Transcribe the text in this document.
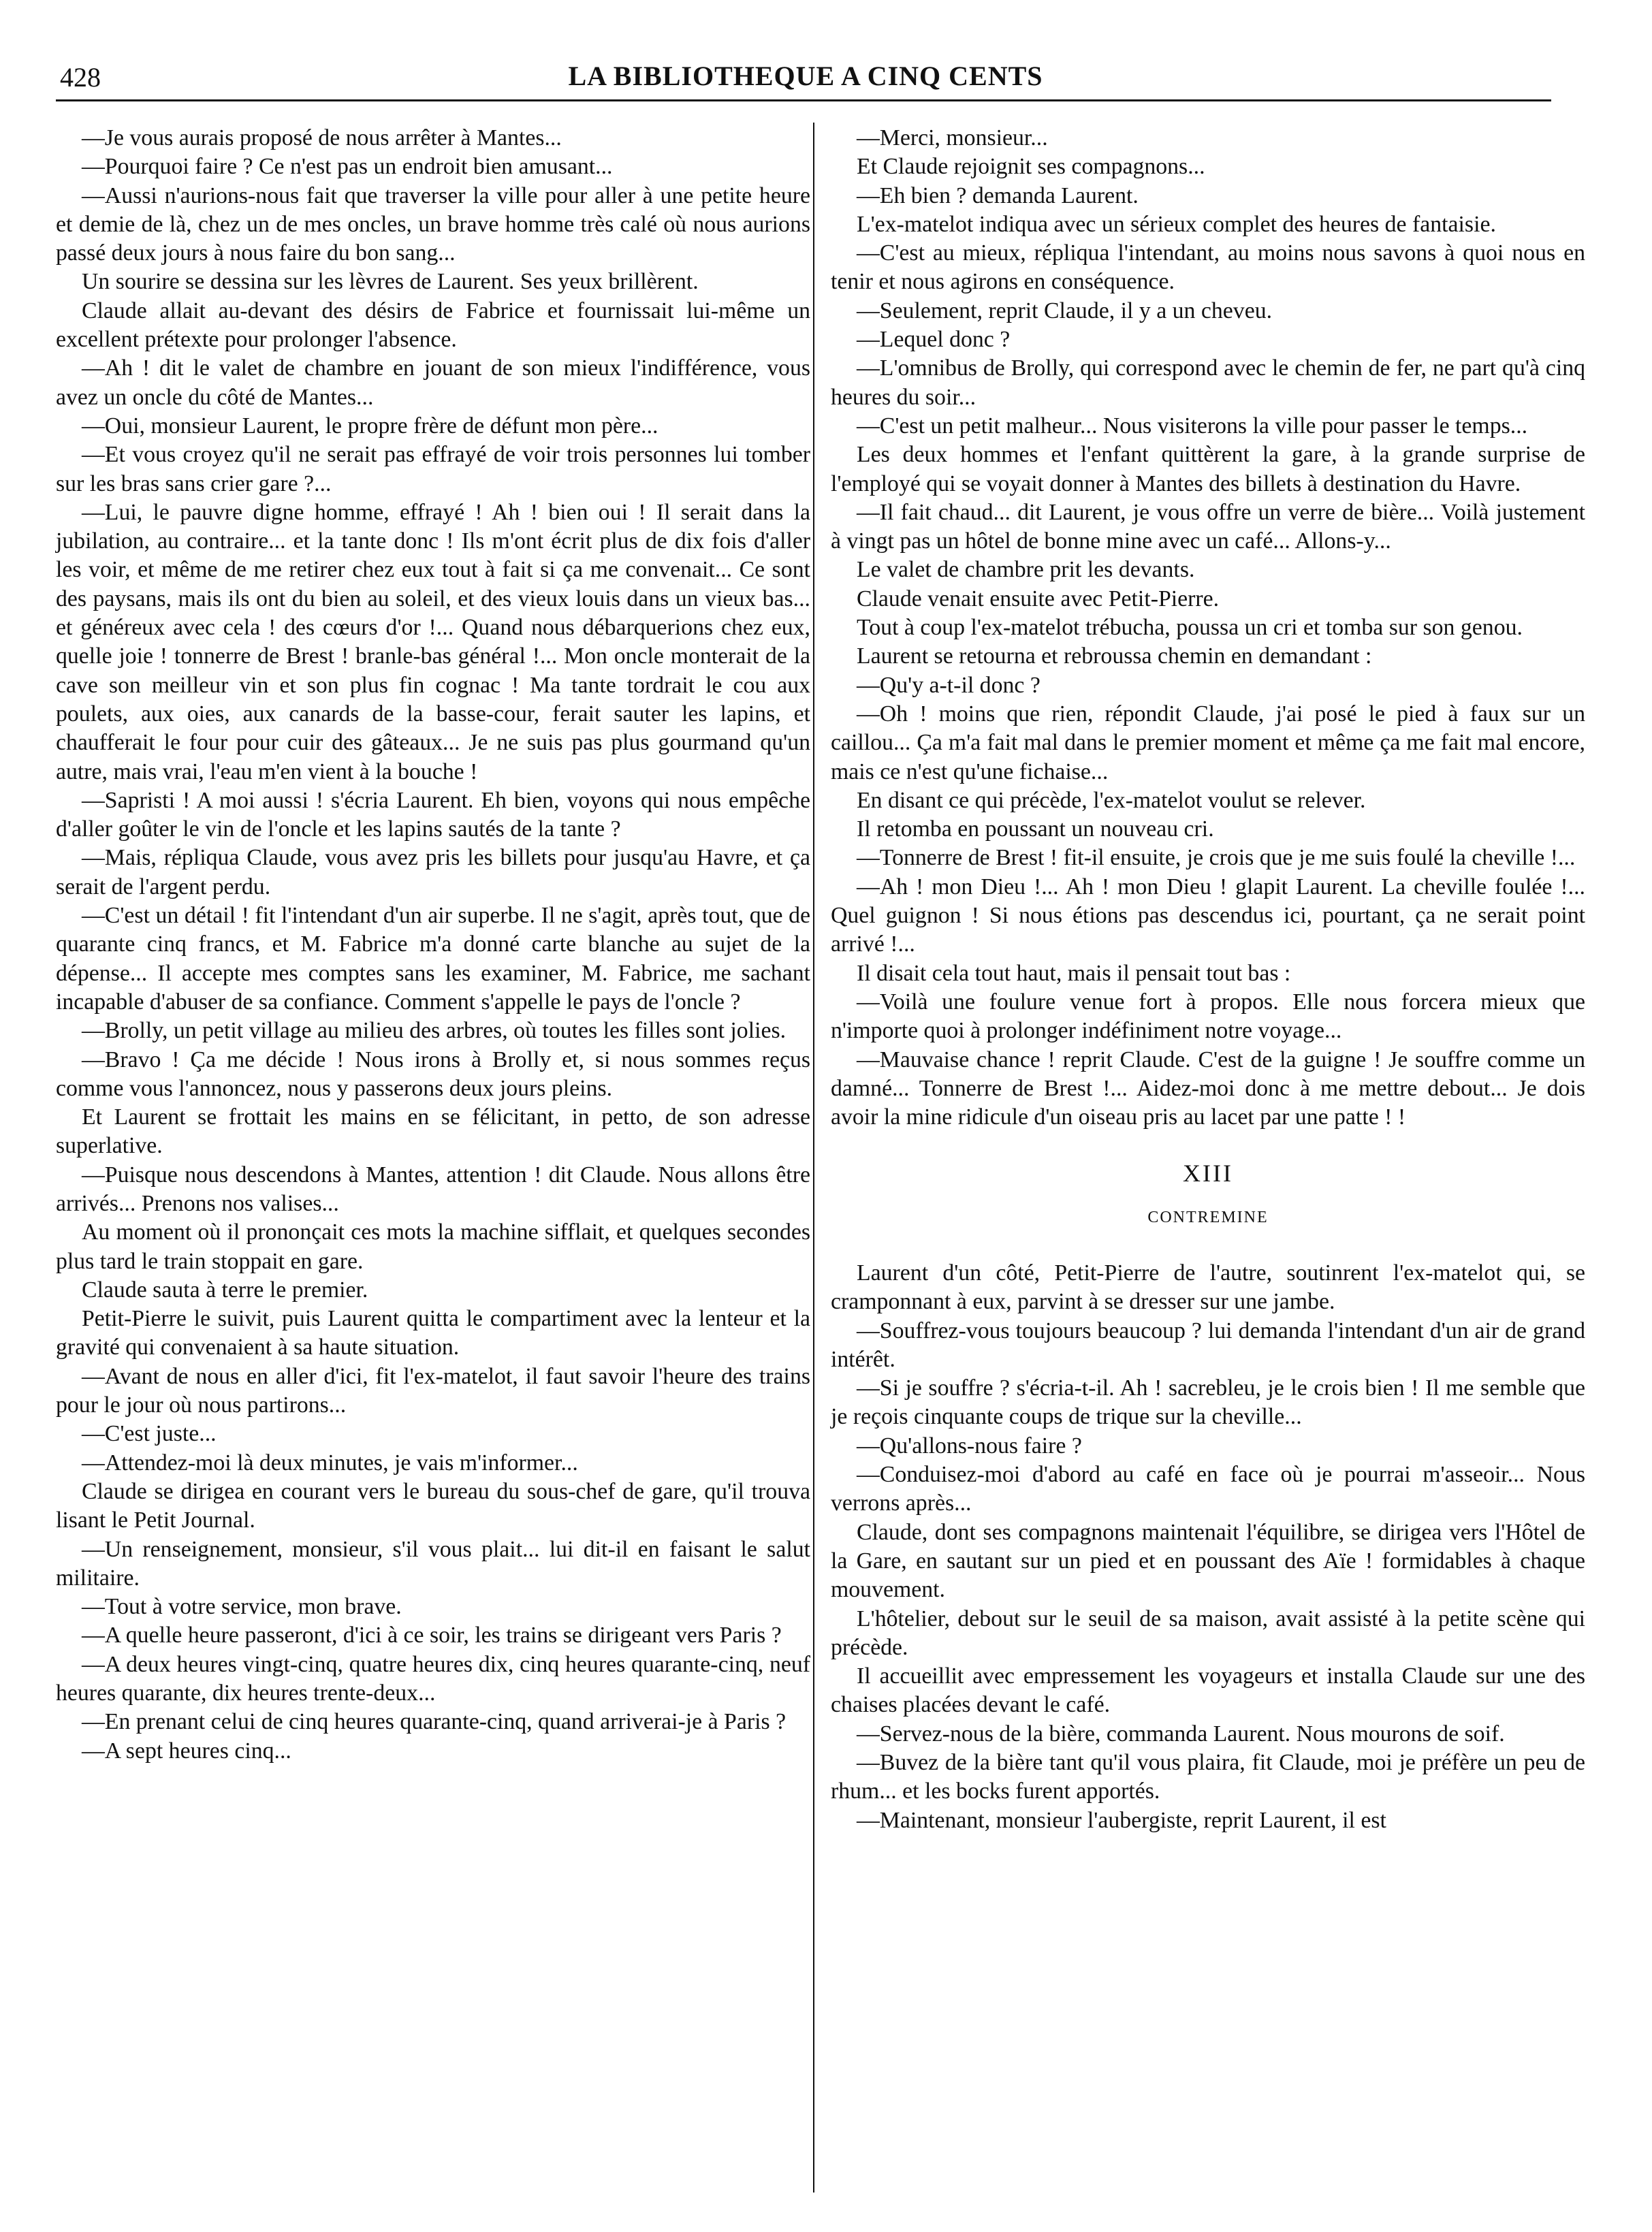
428	LA BIBLIOTHEQUE A CINQ CENTS

—Je vous aurais proposé de nous arrêter à Mantes...

—Pourquoi faire ? Ce n'est pas un endroit bien amusant...

—Aussi n'aurions-nous fait que traverser la ville pour aller à une petite heure et demie de là, chez un de mes oncles, un brave homme très calé où nous aurions passé deux jours à nous faire du bon sang...

Un sourire se dessina sur les lèvres de Laurent. Ses yeux brillèrent.

Claude allait au-devant des désirs de Fabrice et fournissait lui-même un excellent prétexte pour prolonger l'absence.

—Ah ! dit le valet de chambre en jouant de son mieux l'indifférence, vous avez un oncle du côté de Mantes...

—Oui, monsieur Laurent, le propre frère de défunt mon père...

—Et vous croyez qu'il ne serait pas effrayé de voir trois personnes lui tomber sur les bras sans crier gare ?...

—Lui, le pauvre digne homme, effrayé ! Ah ! bien oui ! Il serait dans la jubilation, au contraire... et la tante donc ! Ils m'ont écrit plus de dix fois d'aller les voir, et même de me retirer chez eux tout à fait si ça me convenait... Ce sont des paysans, mais ils ont du bien au soleil, et des vieux louis dans un vieux bas... et généreux avec cela ! des cœurs d'or !... Quand nous débarquerions chez eux, quelle joie ! tonnerre de Brest ! branle-bas général !... Mon oncle monterait de la cave son meilleur vin et son plus fin cognac ! Ma tante tordrait le cou aux poulets, aux oies, aux canards de la basse-cour, ferait sauter les lapins, et chaufferait le four pour cuir des gâteaux... Je ne suis pas plus gourmand qu'un autre, mais vrai, l'eau m'en vient à la bouche !

—Sapristi ! A moi aussi ! s'écria Laurent. Eh bien, voyons qui nous empêche d'aller goûter le vin de l'oncle et les lapins sautés de la tante ?

—Mais, répliqua Claude, vous avez pris les billets pour jusqu'au Havre, et ça serait de l'argent perdu.

—C'est un détail ! fit l'intendant d'un air superbe. Il ne s'agit, après tout, que de quarante cinq francs, et M. Fabrice m'a donné carte blanche au sujet de la dépense... Il accepte mes comptes sans les examiner, M. Fabrice, me sachant incapable d'abuser de sa confiance. Comment s'appelle le pays de l'oncle ?

—Brolly, un petit village au milieu des arbres, où toutes les filles sont jolies.

—Bravo ! Ça me décide ! Nous irons à Brolly et, si nous sommes reçus comme vous l'annoncez, nous y passerons deux jours pleins.

Et Laurent se frottait les mains en se félicitant, in petto, de son adresse superlative.

—Puisque nous descendons à Mantes, attention ! dit Claude. Nous allons être arrivés... Prenons nos valises...

Au moment où il prononçait ces mots la machine sifflait, et quelques secondes plus tard le train stoppait en gare.

Claude sauta à terre le premier.

Petit-Pierre le suivit, puis Laurent quitta le compartiment avec la lenteur et la gravité qui convenaient à sa haute situation.

—Avant de nous en aller d'ici, fit l'ex-matelot, il faut savoir l'heure des trains pour le jour où nous partirons...

—C'est juste...

—Attendez-moi là deux minutes, je vais m'informer...

Claude se dirigea en courant vers le bureau du sous-chef de gare, qu'il trouva lisant le Petit Journal.

—Un renseignement, monsieur, s'il vous plait... lui dit-il en faisant le salut militaire.

—Tout à votre service, mon brave.

—A quelle heure passeront, d'ici à ce soir, les trains se dirigeant vers Paris ?

—A deux heures vingt-cinq, quatre heures dix, cinq heures quarante-cinq, neuf heures quarante, dix heures trente-deux...

—En prenant celui de cinq heures quarante-cinq, quand arriverai-je à Paris ?

—A sept heures cinq...

—Merci, monsieur...

Et Claude rejoignit ses compagnons...

—Eh bien ? demanda Laurent.

L'ex-matelot indiqua avec un sérieux complet des heures de fantaisie.

—C'est au mieux, répliqua l'intendant, au moins nous savons à quoi nous en tenir et nous agirons en conséquence.

—Seulement, reprit Claude, il y a un cheveu.

—Lequel donc ?

—L'omnibus de Brolly, qui correspond avec le chemin de fer, ne part qu'à cinq heures du soir...

—C'est un petit malheur... Nous visiterons la ville pour passer le temps...

Les deux hommes et l'enfant quittèrent la gare, à la grande surprise de l'employé qui se voyait donner à Mantes des billets à destination du Havre.

—Il fait chaud... dit Laurent, je vous offre un verre de bière... Voilà justement à vingt pas un hôtel de bonne mine avec un café... Allons-y...

Le valet de chambre prit les devants.

Claude venait ensuite avec Petit-Pierre.

Tout à coup l'ex-matelot trébucha, poussa un cri et tomba sur son genou.

Laurent se retourna et rebroussa chemin en demandant :

—Qu'y a-t-il donc ?

—Oh ! moins que rien, répondit Claude, j'ai posé le pied à faux sur un caillou... Ça m'a fait mal dans le premier moment et même ça me fait mal encore, mais ce n'est qu'une fichaise...

En disant ce qui précède, l'ex-matelot voulut se relever.

Il retomba en poussant un nouveau cri.

—Tonnerre de Brest ! fit-il ensuite, je crois que je me suis foulé la cheville !...

—Ah ! mon Dieu !... Ah ! mon Dieu ! glapit Laurent. La cheville foulée !... Quel guignon ! Si nous étions pas descendus ici, pourtant, ça ne serait point arrivé !...

Il disait cela tout haut, mais il pensait tout bas :

—Voilà une foulure venue fort à propos. Elle nous forcera mieux que n'importe quoi à prolonger indéfiniment notre voyage...

—Mauvaise chance ! reprit Claude. C'est de la guigne ! Je souffre comme un damné... Tonnerre de Brest !... Aidez-moi donc à me mettre debout... Je dois avoir la mine ridicule d'un oiseau pris au lacet par une patte ! !

XIII
CONTREMINE

Laurent d'un côté, Petit-Pierre de l'autre, soutinrent l'ex-matelot qui, se cramponnant à eux, parvint à se dresser sur une jambe.

—Souffrez-vous toujours beaucoup ? lui demanda l'intendant d'un air de grand intérêt.

—Si je souffre ? s'écria-t-il. Ah ! sacrebleu, je le crois bien ! Il me semble que je reçois cinquante coups de trique sur la cheville...

—Qu'allons-nous faire ?

—Conduisez-moi d'abord au café en face où je pourrai m'asseoir... Nous verrons après...

Claude, dont ses compagnons maintenait l'équilibre, se dirigea vers l'Hôtel de la Gare, en sautant sur un pied et en poussant des Aïe ! formidables à chaque mouvement.

L'hôtelier, debout sur le seuil de sa maison, avait assisté à la petite scène qui précède.

Il accueillit avec empressement les voyageurs et installa Claude sur une des chaises placées devant le café.

—Servez-nous de la bière, commanda Laurent. Nous mourons de soif.

—Buvez de la bière tant qu'il vous plaira, fit Claude, moi je préfère un peu de rhum... et les bocks furent apportés.

—Maintenant, monsieur l'aubergiste, reprit Laurent, il est
